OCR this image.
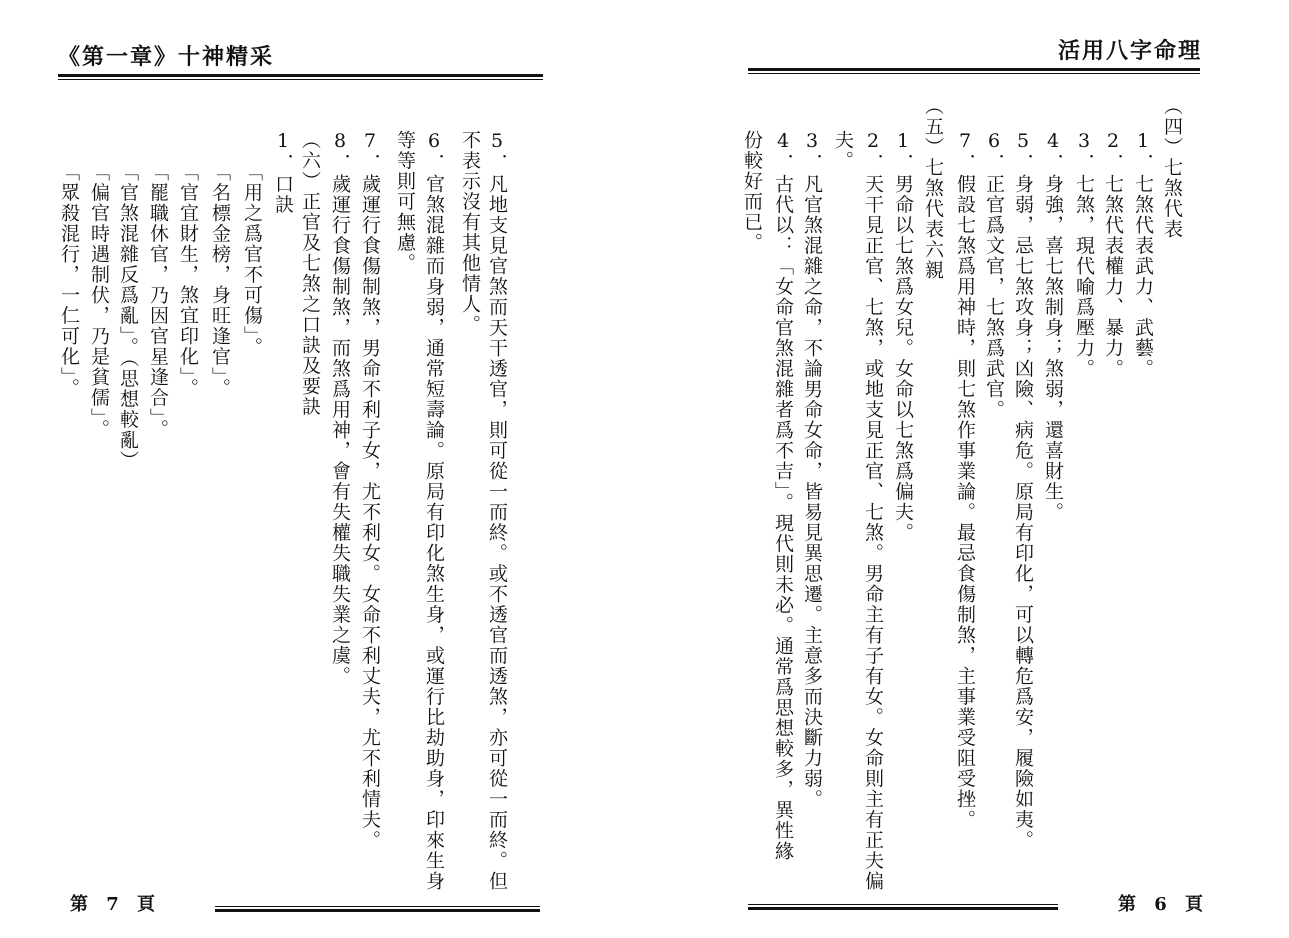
《第一章》十神精采
5．凡地支見官煞而天干透官，則可從一而終。或不透官而透煞，亦可從一而終。但
不表示沒有其他情人。
6．官煞混雜而身弱，通常短壽論。原局有印化煞生身，或運行比劫助身，印來生身
等等則可無慮。
7．歲運行食傷制煞，男命不利子女，尤不利女。女命不利丈夫，尤不利情夫。
8．歲運行食傷制煞，而煞爲用神，會有失權失職失業之虞。
（六）正官及七煞之口訣及要訣
1．口訣
「用之爲官不可傷」。
「名標金榜，身旺逢官」。
「官宜財生，煞宜印化」。
「罷職休官，乃因官星逢合」。
「官煞混雜反爲亂」。（思想較亂）
「偏官時遇制伏，乃是貧儒」。
「眾殺混行，一仁可化」。
第 7 頁
活用八字命理
（四）七煞代表
1．七煞代表武力、武藝。
2．七煞代表權力、暴力。
3．七煞，現代喻爲壓力。
4．身強，喜七煞制身；煞弱，還喜財生。
5．身弱，忌七煞攻身；凶險、病危。原局有印化，可以轉危爲安，履險如夷。
6．正官爲文官，七煞爲武官。
7．假設七煞爲用神時，則七煞作事業論。最忌食傷制煞，主事業受阻受挫。
（五）七煞代表六親
1．男命以七煞爲女兒。女命以七煞爲偏夫。
2．天干見正官、七煞，或地支見正官、七煞。男命主有子有女。女命則主有正夫偏
夫。
3．凡官煞混雜之命，不論男命女命，皆易見異思遷。主意多而決斷力弱。
4．古代以：「女命官煞混雜者爲不吉」。現代則未必。通常爲思想較多，異性緣
份較好而已。
第 6 頁
